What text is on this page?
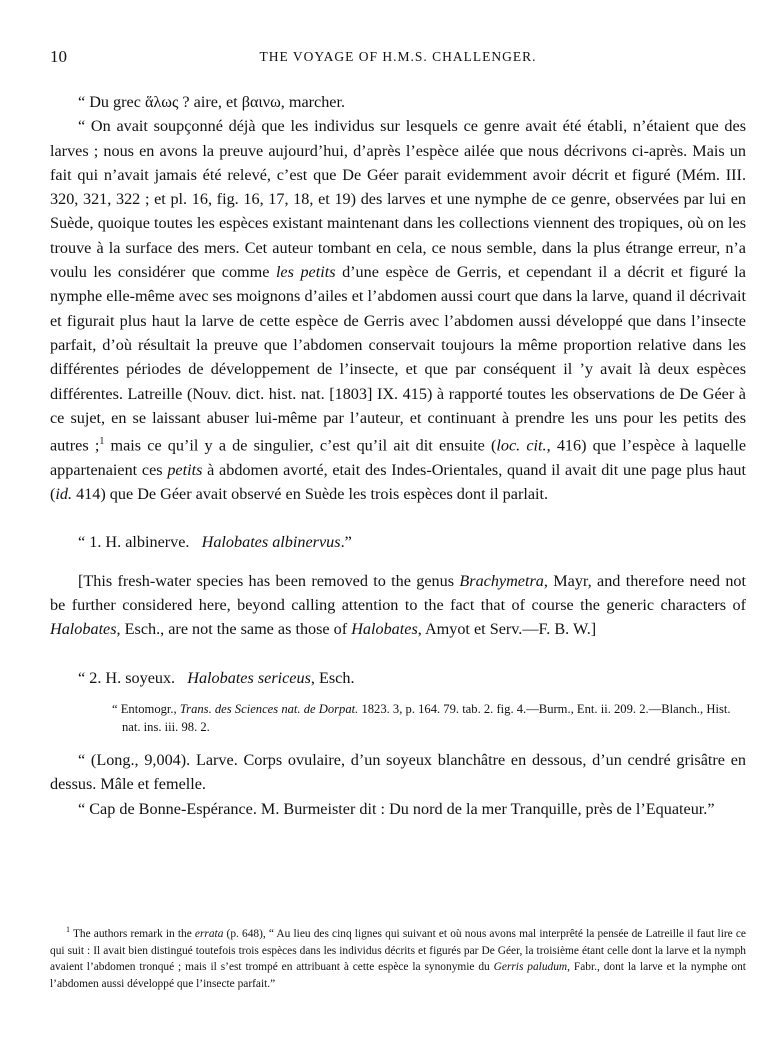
10	THE VOYAGE OF H.M.S. CHALLENGER.

“ Du grec ἅλως ? aire, et βαινω, marcher.

“ On avait soupçonné déjà que les individus sur lesquels ce genre avait été établi, n’étaient que des larves ; nous en avons la preuve aujourd’hui, d’après l’espèce ailée que nous décrivons ci-après. Mais un fait qui n’avait jamais été relevé, c’est que De Géer parait evidemment avoir décrit et figuré (Mém. III. 320, 321, 322 ; et pl. 16, fig. 16, 17, 18, et 19) des larves et une nymphe de ce genre, observées par lui en Suède, quoique toutes les espèces existant maintenant dans les collections viennent des tropiques, où on les trouve à la surface des mers. Cet auteur tombant en cela, ce nous semble, dans la plus étrange erreur, n’a voulu les considérer que comme les petits d’une espèce de Gerris, et cependant il a décrit et figuré la nymphe elle-même avec ses moignons d’ailes et l’abdomen aussi court que dans la larve, quand il décrivait et figurait plus haut la larve de cette espèce de Gerris avec l’abdomen aussi développé que dans l’insecte parfait, d’où résultait la preuve que l’abdomen conservait toujours la même proportion relative dans les différentes périodes de développement de l’insecte, et que par conséquent il ’y avait là deux espèces différentes. Latreille (Nouv. dict. hist. nat. [1803] IX. 415) à rapporté toutes les observations de De Géer à ce sujet, en se laissant abuser lui-même par l’auteur, et continuant à prendre les uns pour les petits des autres ;$^1$ mais ce qu’il y a de singulier, c’est qu’il ait dit ensuite (loc. cit., 416) que l’espèce à laquelle appartenaient ces petits à abdomen avorté, etait des Indes-Orientales, quand il avait dit une page plus haut (id. 414) que De Géer avait observé en Suède les trois espèces dont il parlait.

“ 1. H. albinerve. Halobates albinervus.”

[This fresh-water species has been removed to the genus Brachymetra, Mayr, and therefore need not be further considered here, beyond calling attention to the fact that of course the generic characters of Halobates, Esch., are not the same as those of Halobates, Amyot et Serv.—F. B. W.]

“ 2. H. soyeux. Halobates sericeus, Esch.

“ Entomogr., Trans. des Sciences nat. de Dorpat. 1823. 3, p. 164. 79. tab. 2. fig. 4.—Burm., Ent. ii. 209. 2.—Blanch., Hist. nat. ins. iii. 98. 2.

“ (Long., 9,004). Larve. Corps ovulaire, d’un soyeux blanchâtre en dessous, d’un cendré grisâtre en dessus. Mâle et femelle.

“ Cap de Bonne-Espérance. M. Burmeister dit : Du nord de la mer Tranquille, près de l’Equateur.”

$^1$ The authors remark in the errata (p. 648), “ Au lieu des cinq lignes qui suivant et où nous avons mal interprêté la pensée de Latreille il faut lire ce qui suit : Il avait bien distingué toutefois trois espèces dans les individus décrits et figurés par De Géer, la troisième étant celle dont la larve et la nymph avaient l’abdomen tronqué ; mais il s’est trompé en attribuant à cette espèce la synonymie du Gerris paludum, Fabr., dont la larve et la nymphe ont l’abdomen aussi développé que l’insecte parfait.”
